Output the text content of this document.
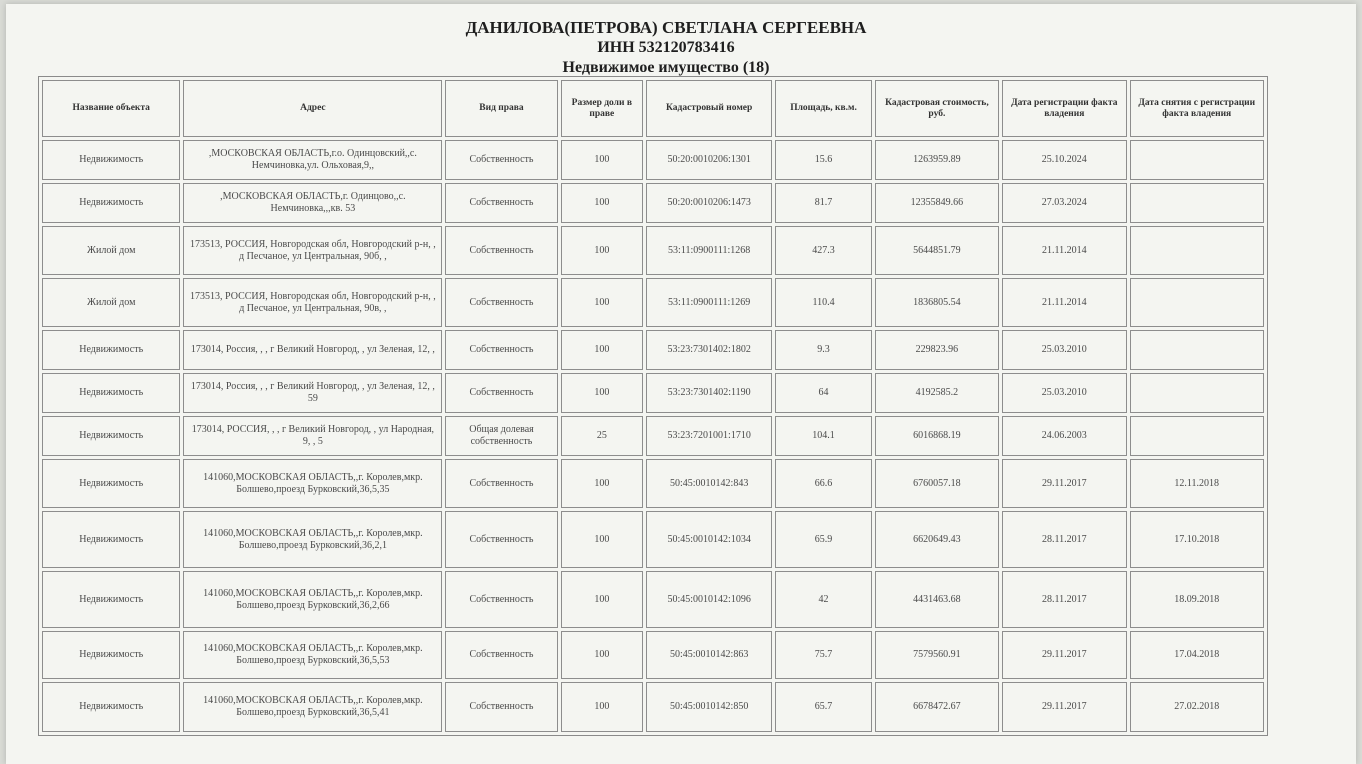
ДАНИЛОВА(ПЕТРОВА) СВЕТЛАНА СЕРГЕЕВНА
ИНН 532120783416
Недвижимое имущество (18)
Название объекта	Адрес	Вид права	Размер доли в праве	Кадастровый номер	Площадь, кв.м.	Кадастровая стоимость, руб.	Дата регистрации факта владения	Дата снятия с регистрации факта владения
Недвижимость	,МОСКОВСКАЯ ОБЛАСТЬ,г.о. Одинцовский,,с. Немчиновка,ул. Ольховая,9,,	Собственность	100	50:20:0010206:1301	15.6	1263959.89	25.10.2024	
Недвижимость	,МОСКОВСКАЯ ОБЛАСТЬ,г. Одинцово,,с. Немчиновка,,,кв. 53	Собственность	100	50:20:0010206:1473	81.7	12355849.66	27.03.2024	
Жилой дом	173513, РОССИЯ, Новгородская обл, Новгородский р-н, , д Песчаное, ул Центральная, 90б, ,	Собственность	100	53:11:0900111:1268	427.3	5644851.79	21.11.2014	
Жилой дом	173513, РОССИЯ, Новгородская обл, Новгородский р-н, , д Песчаное, ул Центральная, 90в, ,	Собственность	100	53:11:0900111:1269	110.4	1836805.54	21.11.2014	
Недвижимость	173014, Россия, , , г Великий Новгород, , ул Зеленая, 12, ,	Собственность	100	53:23:7301402:1802	9.3	229823.96	25.03.2010	
Недвижимость	173014, Россия, , , г Великий Новгород, , ул Зеленая, 12, , 59	Собственность	100	53:23:7301402:1190	64	4192585.2	25.03.2010	
Недвижимость	173014, РОССИЯ, , , г Великий Новгород, , ул Народная, 9, , 5	Общая долевая собственность	25	53:23:7201001:1710	104.1	6016868.19	24.06.2003	
Недвижимость	141060,МОСКОВСКАЯ ОБЛАСТЬ,,г. Королев,мкр. Болшево,проезд Бурковский,36,5,35	Собственность	100	50:45:0010142:843	66.6	6760057.18	29.11.2017	12.11.2018
Недвижимость	141060,МОСКОВСКАЯ ОБЛАСТЬ,,г. Королев,мкр. Болшево,проезд Бурковский,36,2,1	Собственность	100	50:45:0010142:1034	65.9	6620649.43	28.11.2017	17.10.2018
Недвижимость	141060,МОСКОВСКАЯ ОБЛАСТЬ,,г. Королев,мкр. Болшево,проезд Бурковский,36,2,66	Собственность	100	50:45:0010142:1096	42	4431463.68	28.11.2017	18.09.2018
Недвижимость	141060,МОСКОВСКАЯ ОБЛАСТЬ,,г. Королев,мкр. Болшево,проезд Бурковский,36,5,53	Собственность	100	50:45:0010142:863	75.7	7579560.91	29.11.2017	17.04.2018
Недвижимость	141060,МОСКОВСКАЯ ОБЛАСТЬ,,г. Королев,мкр. Болшево,проезд Бурковский,36,5,41	Собственность	100	50:45:0010142:850	65.7	6678472.67	29.11.2017	27.02.2018
